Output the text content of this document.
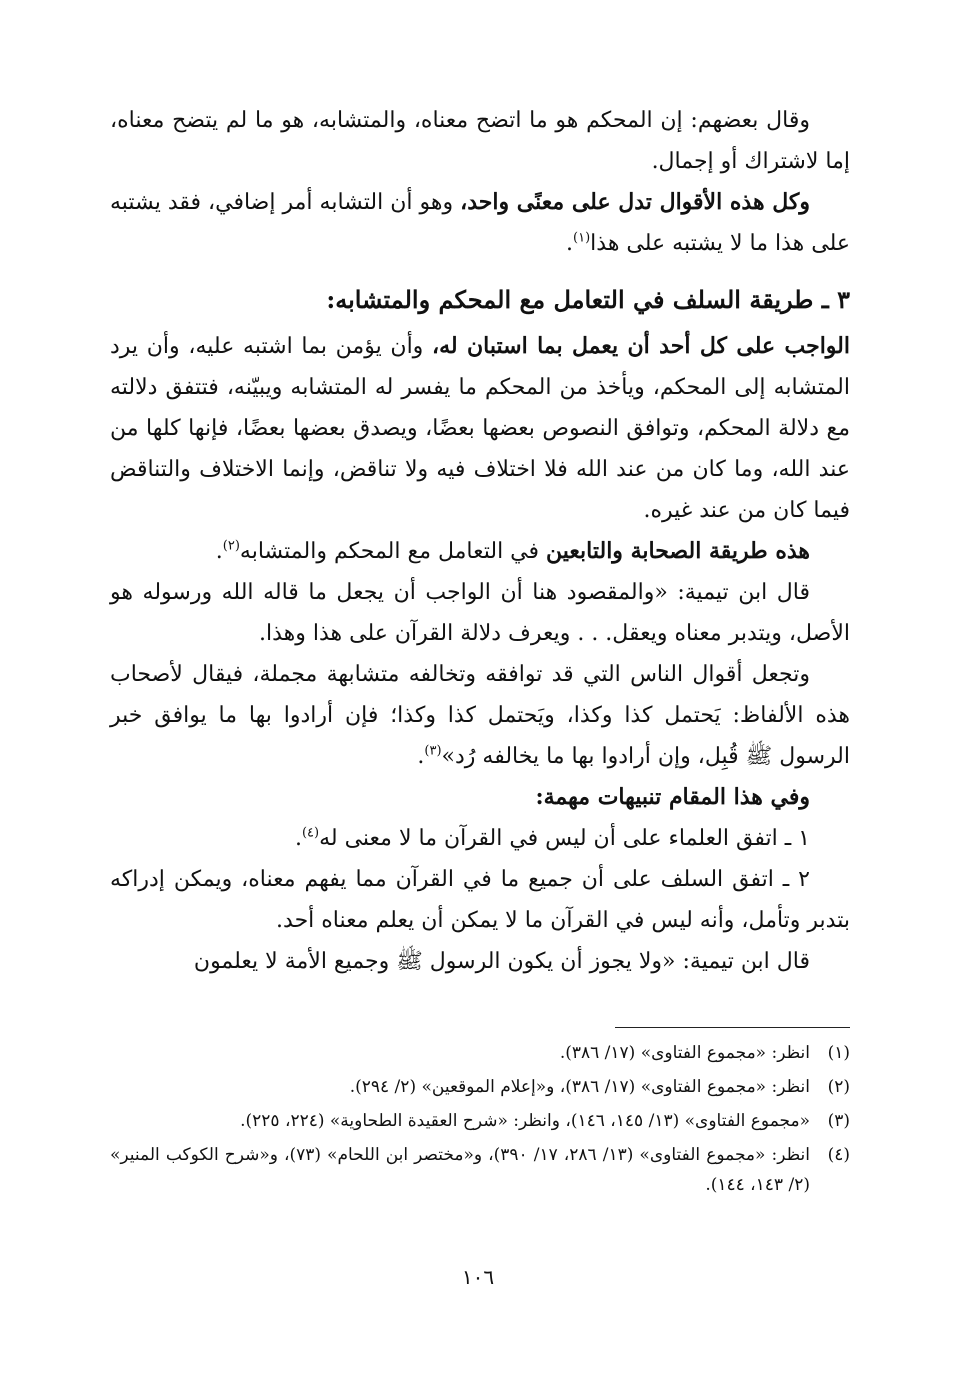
وقال بعضهم: إن المحكم هو ما اتضح معناه، والمتشابه، هو ما لم يتضح معناه، إما لاشتراك أو إجمال.

وكل هذه الأقوال تدل على معنًى واحد، وهو أن التشابه أمر إضافي، فقد يشتبه على هذا ما لا يشتبه على هذا$^{(١)}$.

٣ ـ طريقة السلف في التعامل مع المحكم والمتشابه:

الواجب على كل أحد أن يعمل بما استبان له، وأن يؤمن بما اشتبه عليه، وأن يرد المتشابه إلى المحكم، ويأخذ من المحكم ما يفسر له المتشابه ويبيّنه، فتتفق دلالته مع دلالة المحكم، وتوافق النصوص بعضها بعضًا، ويصدق بعضها بعضًا، فإنها كلها من عند الله، وما كان من عند الله فلا اختلاف فيه ولا تناقض، وإنما الاختلاف والتناقض فيما كان من عند غيره.

هذه طريقة الصحابة والتابعين في التعامل مع المحكم والمتشابه$^{(٢)}$.

قال ابن تيمية: «والمقصود هنا أن الواجب أن يجعل ما قاله الله ورسوله هو الأصل، ويتدبر معناه ويعقل. . . ويعرف دلالة القرآن على هذا وهذا.

وتجعل أقوال الناس التي قد توافقه وتخالفه متشابهة مجملة، فيقال لأصحاب هذه الألفاظ: يَحتمل كذا وكذا، ويَحتمل كذا وكذا؛ فإن أرادوا بها ما يوافق خبر الرسول ﷺ قُبِل، وإن أرادوا بها ما يخالفه رُد»$^{(٣)}$.

وفي هذا المقام تنبيهات مهمة:

١ ـ اتفق العلماء على أن ليس في القرآن ما لا معنى له$^{(٤)}$.

٢ ـ اتفق السلف على أن جميع ما في القرآن مما يفهم معناه، ويمكن إدراكه بتدبر وتأمل، وأنه ليس في القرآن ما لا يمكن أن يعلم معناه أحد.

قال ابن تيمية: «ولا يجوز أن يكون الرسول ﷺ وجميع الأمة لا يعلمون

(١)
انظر: «مجموع الفتاوى» (١٧/ ٣٨٦).
(٢)
انظر: «مجموع الفتاوى» (١٧/ ٣٨٦)، و«إعلام الموقعين» (٢/ ٢٩٤).
(٣)
«مجموع الفتاوى» (١٣/ ١٤٥، ١٤٦)، وانظر: «شرح العقيدة الطحاوية» (٢٢٤، ٢٢٥).
(٤)
انظر: «مجموع الفتاوى» (١٣/ ٢٨٦، ١٧/ ٣٩٠)، و«مختصر ابن اللحام» (٧٣)، و«شرح الكوكب المنير» (٢/ ١٤٣، ١٤٤).
١٠٦
